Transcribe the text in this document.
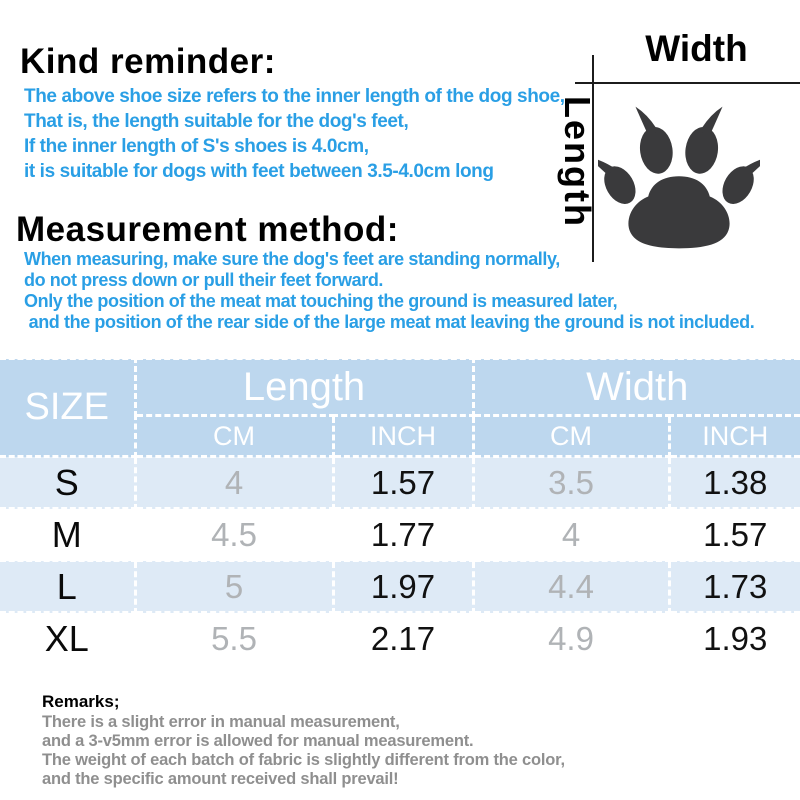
Kind reminder:
The above shoe size refers to the inner length of the dog shoe,
That is, the length suitable for the dog's feet,
If the inner length of S's shoes is 4.0cm,
it is suitable for dogs with feet between 3.5-4.0cm long
Width
Length
Measurement method:
When measuring, make sure the dog's feet are standing normally,
do not press down or pull their feet forward.
Only the position of the meat mat touching the ground is measured later,
and the position of the rear side of the large meat mat leaving the ground is not included.
SIZE	Length		Width	
	CM	INCH	CM	INCH
S	4	1.57	3.5	1.38
M	4.5	1.77	4	1.57
L	5	1.97	4.4	1.73
XL	5.5	2.17	4.9	1.93
Remarks;
There is a slight error in manual measurement,
and a 3-v5mm error is allowed for manual measurement.
The weight of each batch of fabric is slightly different from the color,
and the specific amount received shall prevail!
